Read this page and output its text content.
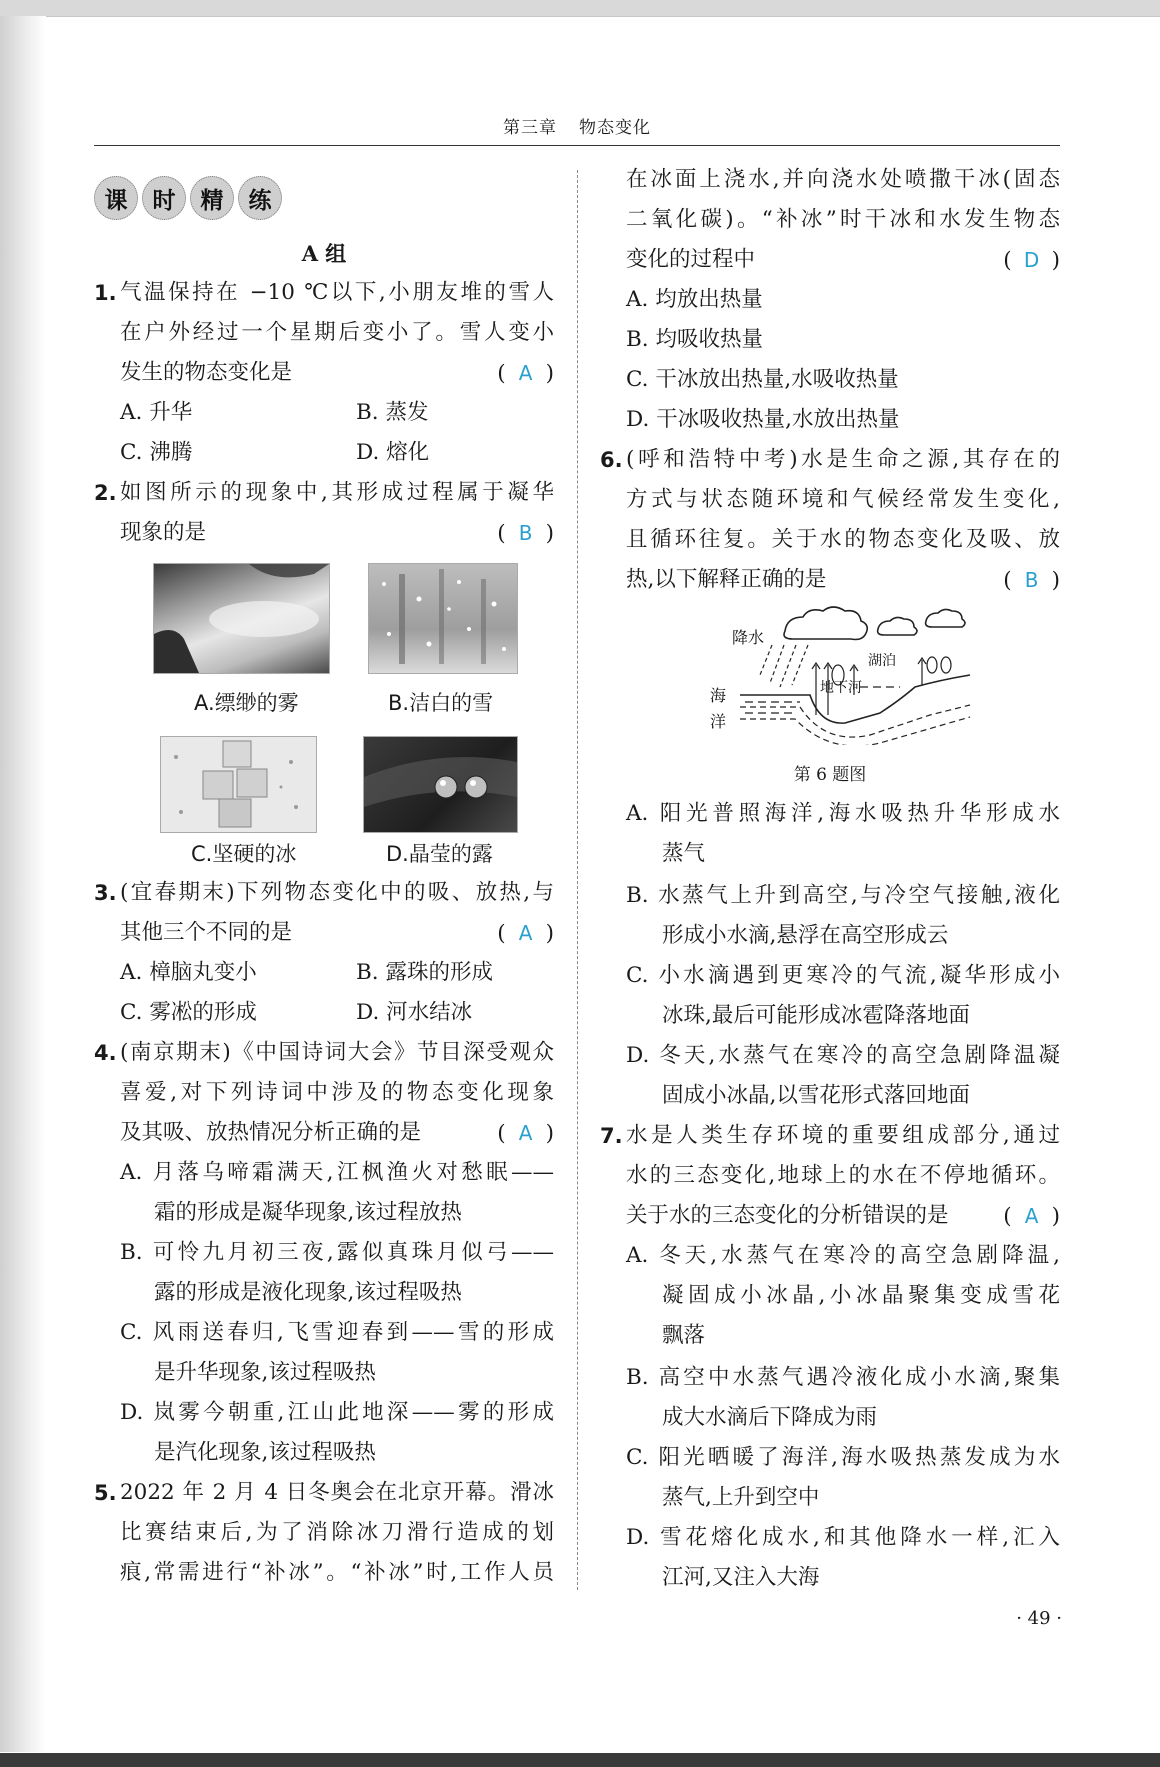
第三章 物态变化
课	时	精	练
A 组
1. 气温保持在 −10 ℃以下,小朋友堆的雪人
在户外经过一个星期后变小了。雪人变小
发生的物态变化是	( A )
A. 升华	B. 蒸发
C. 沸腾	D. 熔化
2. 如图所示的现象中,其形成过程属于凝华
现象的是	( B )
A.缥缈的雾	B.洁白的雪
C.坚硬的冰	D.晶莹的露
3. (宜春期末)下列物态变化中的吸、放热,与
其他三个不同的是	( A )
A. 樟脑丸变小	B. 露珠的形成
C. 雾凇的形成	D. 河水结冰
4. (南京期末)《中国诗词大会》节目深受观众
喜爱,对下列诗词中涉及的物态变化现象
及其吸、放热情况分析正确的是	( A )
A. 月落乌啼霜满天,江枫渔火对愁眠——
霜的形成是凝华现象,该过程放热
B. 可怜九月初三夜,露似真珠月似弓——
露的形成是液化现象,该过程吸热
C. 风雨送春归,飞雪迎春到——雪的形成
是升华现象,该过程吸热
D. 岚雾今朝重,江山此地深——雾的形成
是汽化现象,该过程吸热
5. 2022 年 2 月 4 日冬奥会在北京开幕。滑冰
比赛结束后,为了消除冰刀滑行造成的划
痕,常需进行“补冰”。“补冰”时,工作人员
在冰面上浇水,并向浇水处喷撒干冰(固态
二氧化碳)。“补冰”时干冰和水发生物态
变化的过程中	( D )
A. 均放出热量
B. 均吸收热量
C. 干冰放出热量,水吸收热量
D. 干冰吸收热量,水放出热量
6. (呼和浩特中考)水是生命之源,其存在的
方式与状态随环境和气候经常发生变化,
且循环往复。关于水的物态变化及吸、放
热,以下解释正确的是	( B )
降水
湖泊
海
洋
地下河
第 6 题图
A. 阳光普照海洋,海水吸热升华形成水
蒸气
B. 水蒸气上升到高空,与冷空气接触,液化
形成小水滴,悬浮在高空形成云
C. 小水滴遇到更寒冷的气流,凝华形成小
冰珠,最后可能形成冰雹降落地面
D. 冬天,水蒸气在寒冷的高空急剧降温凝
固成小冰晶,以雪花形式落回地面
7. 水是人类生存环境的重要组成部分,通过
水的三态变化,地球上的水在不停地循环。
关于水的三态变化的分析错误的是	( A )
A. 冬天,水蒸气在寒冷的高空急剧降温,
凝固成小冰晶,小冰晶聚集变成雪花
飘落
B. 高空中水蒸气遇冷液化成小水滴,聚集
成大水滴后下降成为雨
C. 阳光晒暖了海洋,海水吸热蒸发成为水
蒸气,上升到空中
D. 雪花熔化成水,和其他降水一样,汇入
江河,又注入大海
· 49 ·
